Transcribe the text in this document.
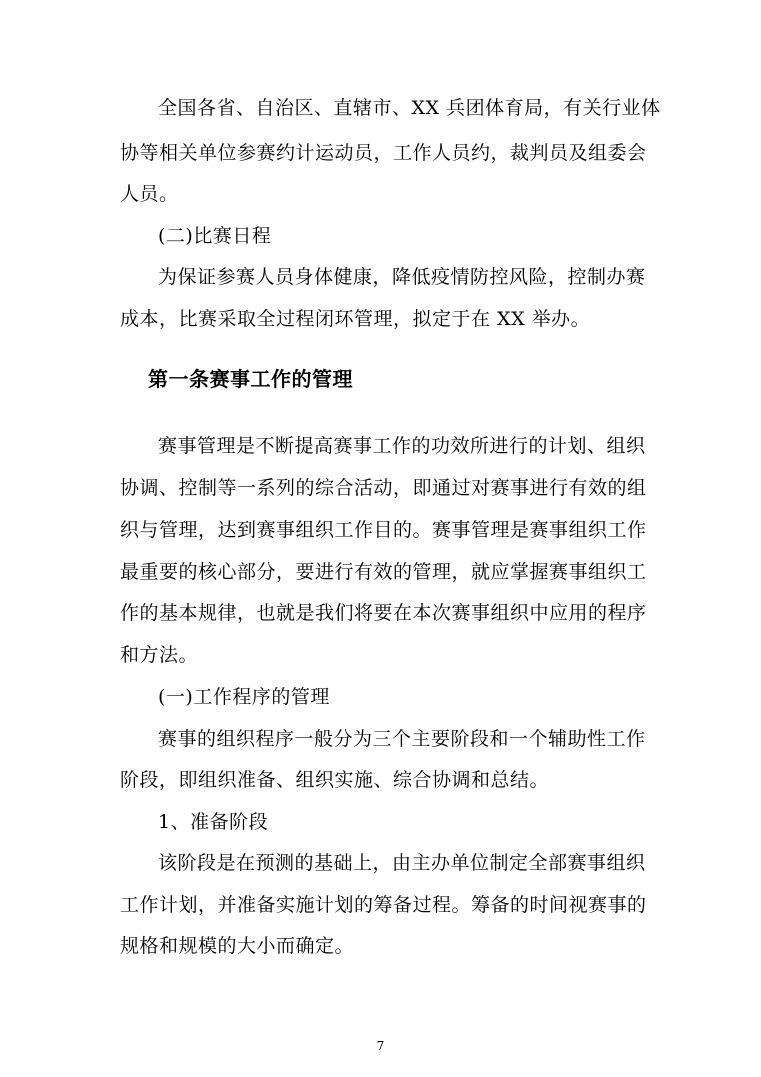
全国各省、自治区、直辖市、XX 兵团体育局，有关行业体
协等相关单位参赛约计运动员，工作人员约，裁判员及组委会
人员。
(二)比赛日程
为保证参赛人员身体健康，降低疫情防控风险，控制办赛
成本，比赛采取全过程闭环管理，拟定于在 XX 举办。
第一条赛事工作的管理
赛事管理是不断提高赛事工作的功效所进行的计划、组织
协调、控制等一系列的综合活动，即通过对赛事进行有效的组
织与管理，达到赛事组织工作目的。赛事管理是赛事组织工作
最重要的核心部分，要进行有效的管理，就应掌握赛事组织工
作的基本规律，也就是我们将要在本次赛事组织中应用的程序
和方法。
(一)工作程序的管理
赛事的组织程序一般分为三个主要阶段和一个辅助性工作
阶段，即组织准备、组织实施、综合协调和总结。
1、准备阶段
该阶段是在预测的基础上，由主办单位制定全部赛事组织
工作计划，并准备实施计划的筹备过程。筹备的时间视赛事的
规格和规模的大小而确定。
7
